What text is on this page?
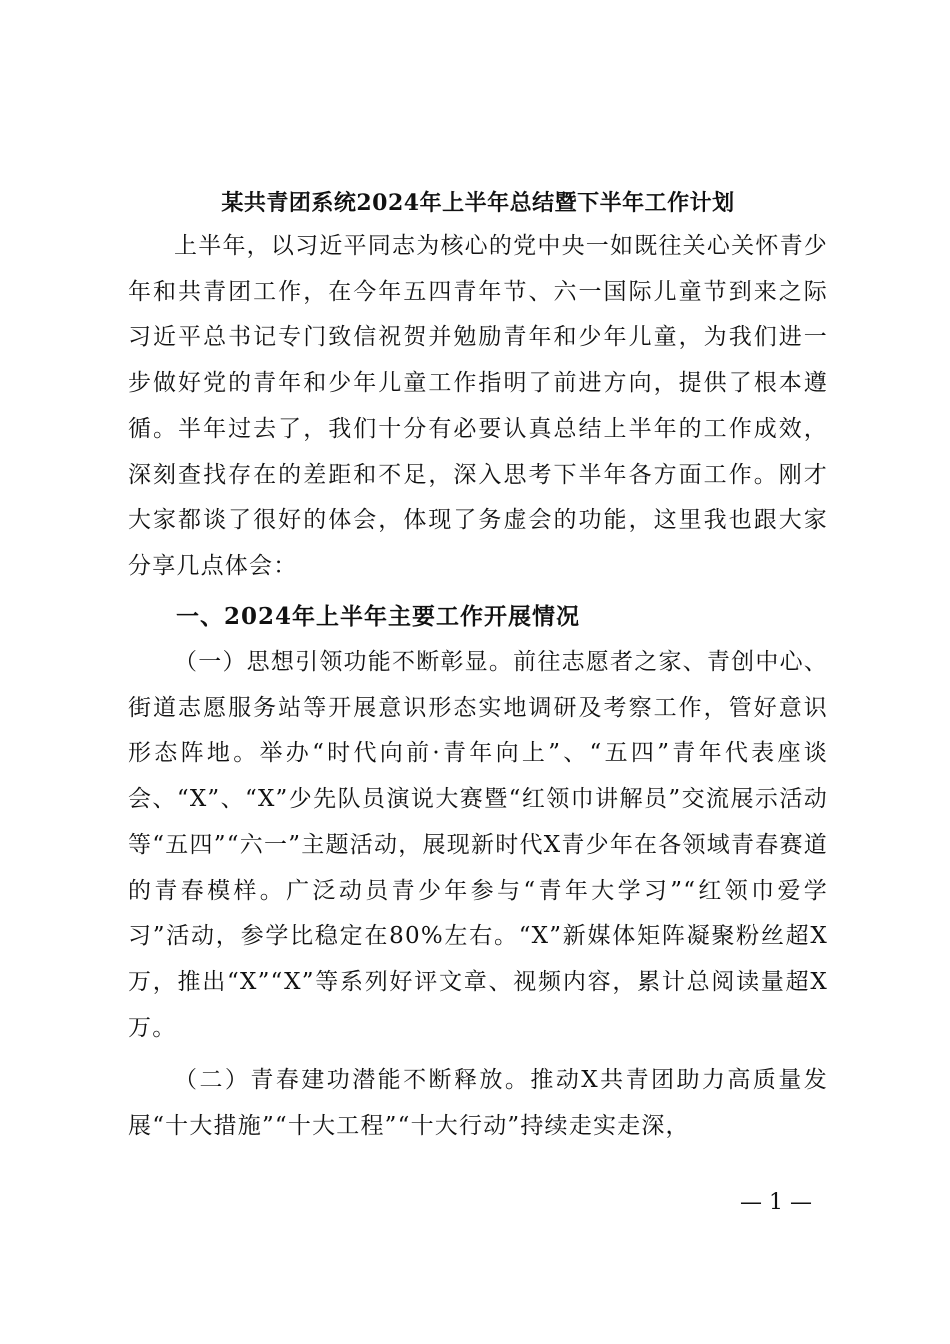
某共青团系统2024年上半年总结暨下半年工作计划
上半年，以习近平同志为核心的党中央一如既往关心关怀青少年和共青团工作，在今年五四青年节、六一国际儿童节到来之际习近平总书记专门致信祝贺并勉励青年和少年儿童，为我们进一步做好党的青年和少年儿童工作指明了前进方向，提供了根本遵循。半年过去了，我们十分有必要认真总结上半年的工作成效，深刻查找存在的差距和不足，深入思考下半年各方面工作。刚才大家都谈了很好的体会，体现了务虚会的功能，这里我也跟大家分享几点体会：
一、2024年上半年主要工作开展情况
（一）思想引领功能不断彰显。前往志愿者之家、青创中心、街道志愿服务站等开展意识形态实地调研及考察工作，管好意识形态阵地。举办“时代向前·青年向上”、“五四”青年代表座谈会、“X”、“X”少先队员演说大赛暨“红领巾讲解员”交流展示活动等“五四”“六一”主题活动，展现新时代X青少年在各领域青春赛道的青春模样。广泛动员青少年参与“青年大学习”“红领巾爱学习”活动，参学比稳定在80%左右。“X”新媒体矩阵凝聚粉丝超X万，推出“X”“X”等系列好评文章、视频内容，累计总阅读量超X万。
（二）青春建功潜能不断释放。推动X共青团助力高质量发展“十大措施”“十大工程”“十大行动”持续走实走深，
— 1 —
